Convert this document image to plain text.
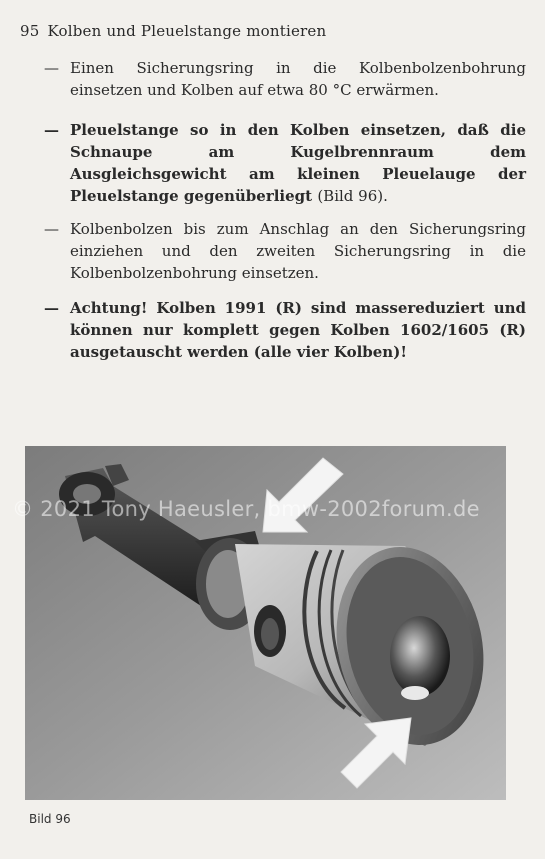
95 Kolben und Pleuelstange montieren
— Einen Sicherungsring in die Kolbenbolzenbohrung einsetzen und Kolben auf etwa 80 °C erwärmen.
— Pleuelstange so in den Kolben einsetzen, daß die Schnaupe am Kugelbrennraum dem Ausgleichsgewicht am kleinen Pleuelauge der Pleuelstange gegenüberliegt (Bild 96).
— Kolbenbolzen bis zum Anschlag an den Sicherungsring einziehen und den zweiten Sicherungsring in die Kolbenbolzenbohrung einsetzen.
— Achtung! Kolben 1991 (R) sind massereduziert und können nur komplett gegen Kolben 1602/1605 (R) ausgetauscht werden (alle vier Kolben)!
© 2021 Tony Haeusler, bmw-2002forum.de
Bild 96
